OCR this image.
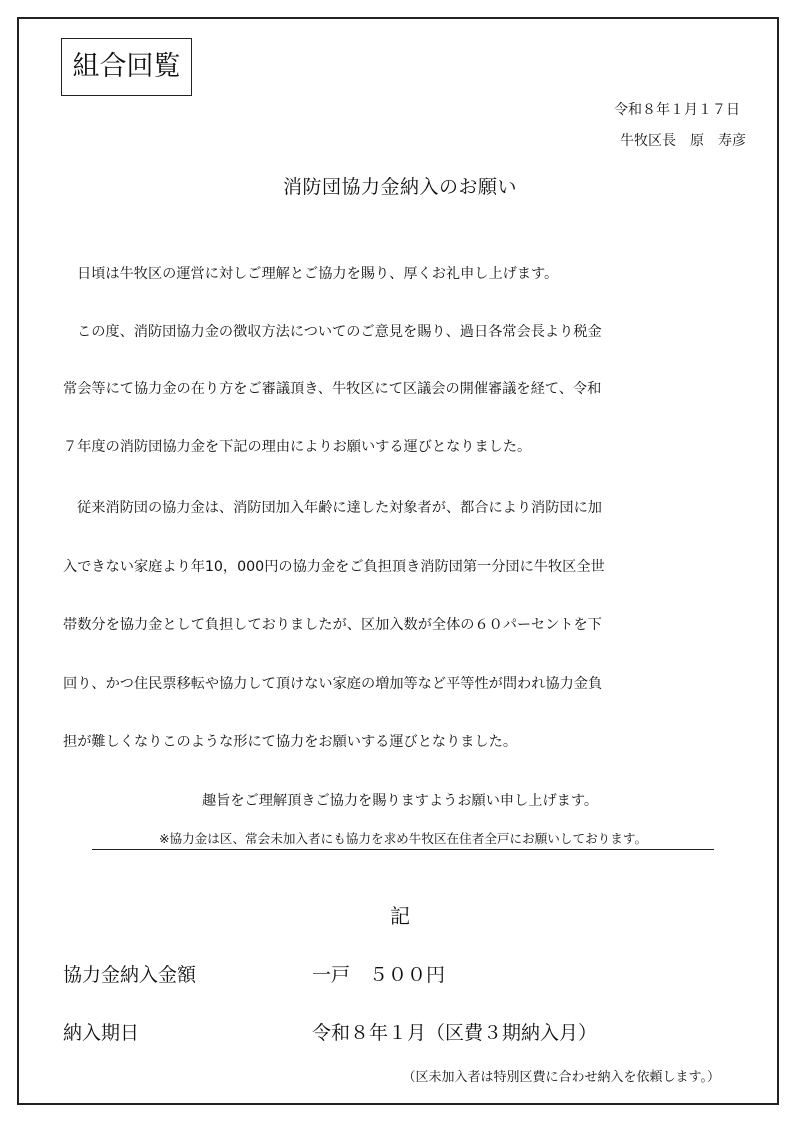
組合回覧
令和８年１月１７日
牛牧区長　原　寿彦
消防団協力金納入のお願い
日頃は牛牧区の運営に対しご理解とご協力を賜り、厚くお礼申し上げます。
この度、消防団協力金の徴収方法についてのご意見を賜り、過日各常会長より税金
常会等にて協力金の在り方をご審議頂き、牛牧区にて区議会の開催審議を経て、令和
７年度の消防団協力金を下記の理由によりお願いする運びとなりました。
従来消防団の協力金は、消防団加入年齢に達した対象者が、都合により消防団に加
入できない家庭より年10，000円の協力金をご負担頂き消防団第一分団に牛牧区全世
帯数分を協力金として負担しておりましたが、区加入数が全体の６０パーセントを下
回り、かつ住民票移転や協力して頂けない家庭の増加等など平等性が問われ協力金負
担が難しくなりこのような形にて協力をお願いする運びとなりました。
趣旨をご理解頂きご協力を賜りますようお願い申し上げます。
※協力金は区、常会未加入者にも協力を求め牛牧区在住者全戸にお願いしております。
記
協力金納入金額	一戸　５００円
納入期日	令和８年１月（区費３期納入月）
（区未加入者は特別区費に合わせ納入を依頼します。）
